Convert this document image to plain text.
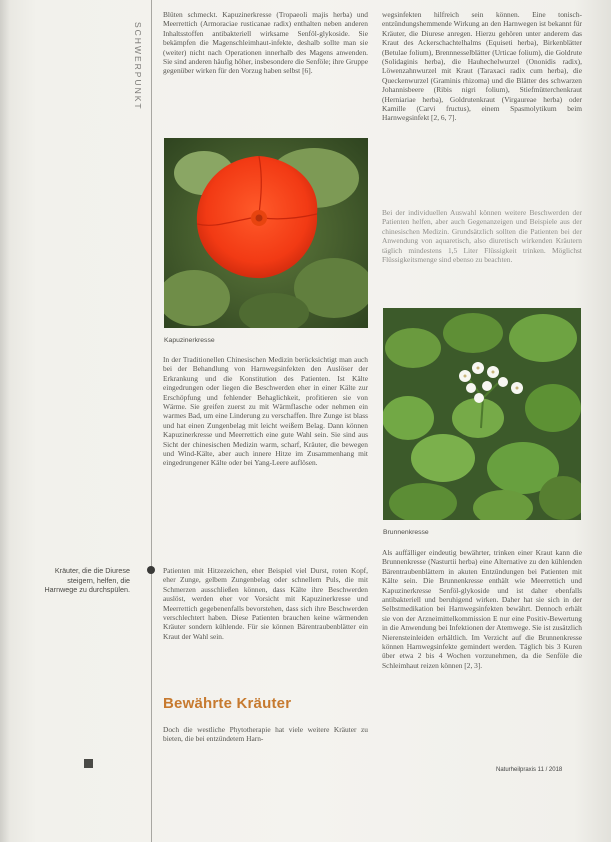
SCHWERPUNKT

Blüten schmeckt. Kapuzinerkresse (Tropaeoli majis herba) und Meerrettich (Armoraciae rusticanae radix) enthalten neben anderen Inhaltsstoffen antibakteriell wirksame Senföl-glykoside. Sie bekämpfen die Magenschleimhaut-infekte, deshalb sollte man sie (weiter) nicht nach Operationen innerhalb des Magens anwenden. Sie sind anderen häufig höher, insbesondere die Senföle; ihre Gruppe gegenüber wirken für den Vorzug haben selbst [6].

Kapuzinerkresse

In der Traditionellen Chinesischen Medizin berücksichtigt man auch bei der Behandlung von Harnwegsinfekten den Auslöser der Erkrankung und die Konstitution des Patienten. Ist Kälte eingedrungen oder liegen die Beschwerden eher in einer Kälte zur Erschöpfung und fehlender Behaglichkeit, profitieren sie von Wärme. Sie greifen zuerst zu mit Wärmflasche oder nehmen ein warmes Bad, um eine Linderung zu verschaffen. Ihre Zunge ist blass und hat einen Zungenbelag mit leicht weißem Belag. Dann können Kapuzinerkresse und Meerrettich eine gute Wahl sein. Sie sind aus Sicht der chinesischen Medizin warm, scharf, Kräuter, die bewegen und Wind-Kälte, aber auch innere Hitze im Zusammenhang mit eingedrungener Kälte oder bei Yang-Leere auflösen.

Kräuter, die die Diurese steigern, helfen, die Harnwege zu durchspülen.

Patienten mit Hitzezeichen, eher Beispiel viel Durst, roten Kopf, eher Zunge, gelbem Zungenbelag oder schnellem Puls, die mit Schmerzen ausschließen können, dass Kälte ihre Beschwerden auslöst, werden eher vor Vorsicht mit Kapuzinerkresse und Meerrettich gegebenenfalls bevorstehen, dass sich ihre Beschwerden verschlechtert haben. Diese Patienten brauchen keine wärmenden Kräuter sondern kühlende. Für sie können Bärentraubenblätter ein Kraut der Wahl sein.

Bewährte Kräuter

Doch die westliche Phytotherapie hat viele weitere Kräuter zu bieten, die bei entzündetem Harn-

wegsinfekten hilfreich sein können. Eine tonisch-entzündungshemmende Wirkung an den Harnwegen ist bekannt für Kräuter, die Diurese anregen. Hierzu gehören unter anderem das Kraut des Ackerschachtelhalms (Equiseti herba), Birkenblätter (Betulae folium), Brennnesselblätter (Urticae folium), die Goldrute (Solidaginis herba), die Hauhechelwurzel (Ononidis radix), Löwenzahnwurzel mit Kraut (Taraxaci radix cum herba), die Queckenwurzel (Graminis rhizoma) und die Blätter des schwarzen Johannisbeere (Ribis nigri folium), Stiefmütterchenkraut (Herniariae herba), Goldrutenkraut (Virgaureae herba) oder Kamille (Carvi fructus), einem Spasmolytikum beim Harnwegsinfekt [2, 6, 7].

Bei der individuellen Auswahl können weitere Beschwerden der Patienten helfen, aber auch Gegenanzeigen und Beispiele aus der chinesischen Medizin. Grundsätzlich sollten die Patienten bei der Anwendung von aquaretisch, also diuretisch wirkenden Kräutern täglich mindestens 1,5 Liter Flüssigkeit trinken. Möglichst Flüssigkeitsmenge sind ebenso zu beachten.

Brunnenkresse

Als auffälliger eindeutig bewährter, trinken einer Kraut kann die Brunnenkresse (Nasturtii herba) eine Alternative zu den kühlenden Bärentraubenblättern in akuten Entzündungen bei Patienten mit Kälte sein. Die Brunnenkresse enthält wie Meerrettich und Kapuzinerkresse Senföl-glykoside und ist daher ebenfalls antibakteriell und beruhigend wirken. Daher hat sie sich in der Selbstmedikation bei Harnwegsinfekten bewährt. Dennoch erhält sie von der Arzneimittelkommission E nur eine Positiv-Bewertung in die Anwendung bei Infektionen der Atemwege. Sie ist zusätzlich Nierensteinleiden erhältlich. Im Verzicht auf die Brunnenkresse können Harnwegsinfekte gemindert werden. Täglich bis 3 Kuren über etwa 2 bis 4 Wochen vorzunehmen, da die Senföle die Schleimhaut reizen können [2, 3].

Naturheilpraxis 11 / 2018
